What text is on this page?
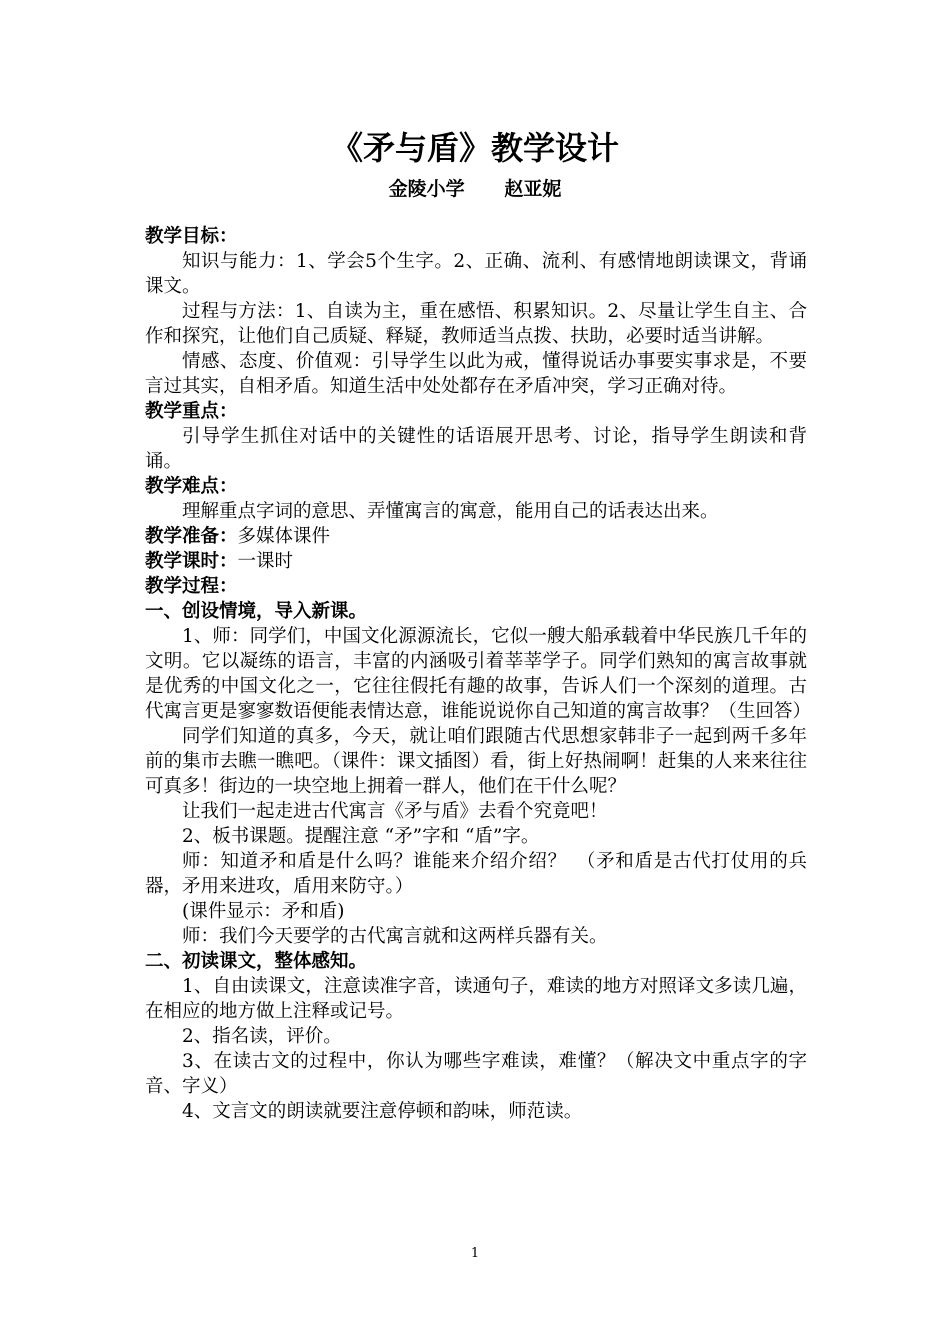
《矛与盾》教学设计
金陵小学      赵亚妮

教学目标：

知识与能力：1、学会5个生字。2、正确、流利、有感情地朗读课文，背诵课文。

过程与方法：1、自读为主，重在感悟、积累知识。2、尽量让学生自主、合作和探究，让他们自己质疑、释疑，教师适当点拨、扶助，必要时适当讲解。

情感、态度、价值观：引导学生以此为戒，懂得说话办事要实事求是，不要言过其实，自相矛盾。知道生活中处处都存在矛盾冲突，学习正确对待。

教学重点：

引导学生抓住对话中的关键性的话语展开思考、讨论，指导学生朗读和背诵。

教学难点：

理解重点字词的意思、弄懂寓言的寓意，能用自己的话表达出来。

教学准备：多媒体课件

教学课时：一课时

教学过程：

一、创设情境，导入新课。

1、师：同学们，中国文化源源流长，它似一艘大船承载着中华民族几千年的文明。它以凝练的语言，丰富的内涵吸引着莘莘学子。同学们熟知的寓言故事就是优秀的中国文化之一，它往往假托有趣的故事，告诉人们一个深刻的道理。古代寓言更是寥寥数语便能表情达意，谁能说说你自己知道的寓言故事？（生回答）

同学们知道的真多，今天，就让咱们跟随古代思想家韩非子一起到两千多年前的集市去瞧一瞧吧。（课件：课文插图）看，街上好热闹啊！赶集的人来来往往可真多！街边的一块空地上拥着一群人，他们在干什么呢？

让我们一起走进古代寓言《矛与盾》去看个究竟吧！

2、板书课题。提醒注意 “矛”字和 “盾”字。

师：知道矛和盾是什么吗？谁能来介绍介绍？　（矛和盾是古代打仗用的兵器，矛用来进攻，盾用来防守。）

(课件显示：矛和盾)

师：我们今天要学的古代寓言就和这两样兵器有关。

二、初读课文，整体感知。

1、自由读课文，注意读准字音，读通句子，难读的地方对照译文多读几遍，在相应的地方做上注释或记号。

2、指名读，评价。

3、在读古文的过程中，你认为哪些字难读，难懂？（解决文中重点字的字音、字义）

4、文言文的朗读就要注意停顿和韵味，师范读。

1
